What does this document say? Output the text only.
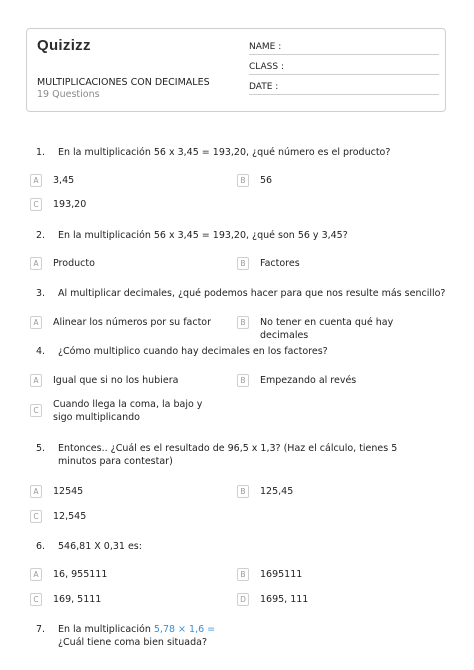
Quizizz
MULTIPLICACIONES CON DECIMALES
19 Questions
NAME :
CLASS :
DATE :
1.	En la multiplicación 56 x 3,45 = 193,20, ¿qué número es el producto?
A	3,45	B	56
C	193,20
2.	En la multiplicación 56 x 3,45 = 193,20, ¿qué son 56 y 3,45?
A	Producto	B	Factores
3.	Al multiplicar decimales, ¿qué podemos hacer para que nos resulte más sencillo?
A	Alinear los números por su factor	B	No tener en cuenta qué hay decimales
4.	¿Cómo multiplico cuando hay decimales en los factores?
A	Igual que si no los hubiera	B	Empezando al revés
C
Cuando llega la coma, la bajo y sigo multiplicando
5.	Entonces.. ¿Cuál es el resultado de 96,5 x 1,3? (Haz el cálculo, tienes 5 minutos para contestar)
A	12545	B	125,45
C	12,545
6.	546,81 X 0,31 es:
A	16, 955111	B	1695111
C	169, 5111	D	1695, 111
7.	En la multiplicación 5,78 × 1,6 =
¿Cuál tiene coma bien situada?
